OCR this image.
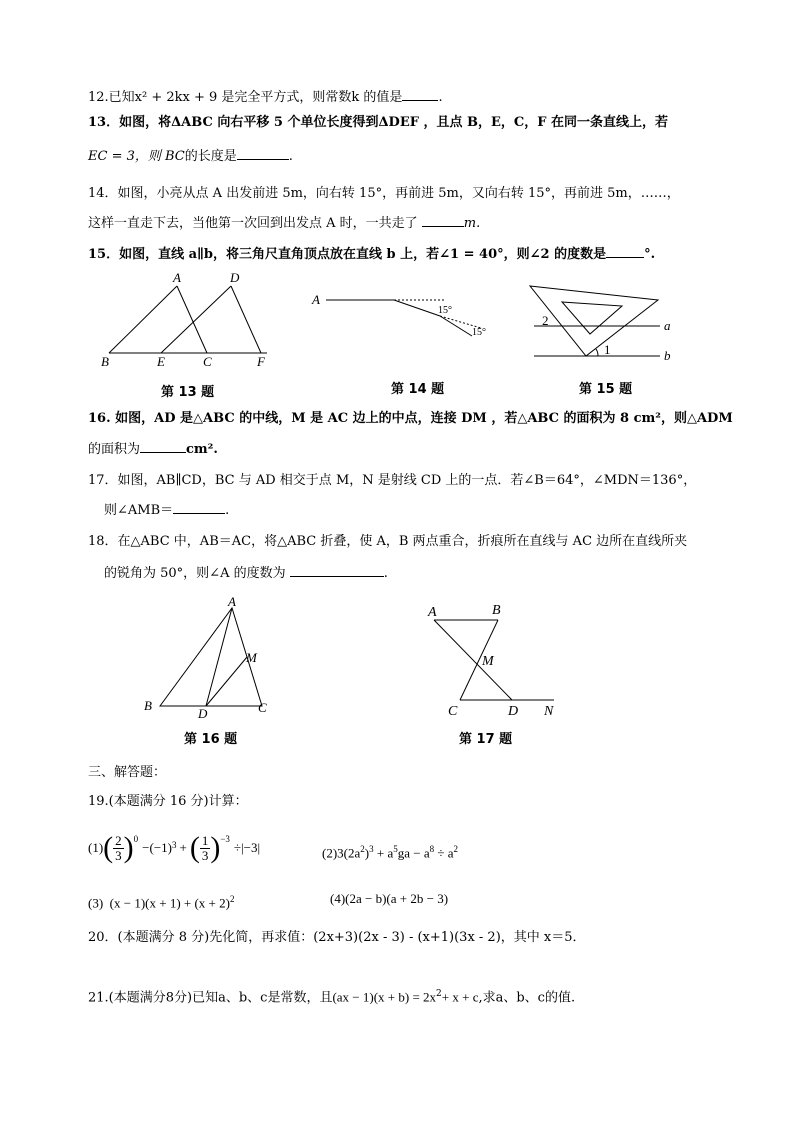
12.已知x² + 2kx + 9 是完全平方式，则常数k 的值是	.
13．如图，将ΔABC 向右平移 5 个单位长度得到ΔDEF ，且点 B，E，C，F 在同一条直线上，若
EC = 3，则 BC的长度是	.
14．如图，小亮从点 A 出发前进 5m，向右转 15°，再前进 5m，又向右转 15°，再前进 5m，……，
这样一直走下去，当他第一次回到出发点 A 时，一共走了	m.
15．如图，直线 a∥b，将三角尺直角顶点放在直线 b 上，若∠1 = 40°，则∠2 的度数是	°.
A	D
B	E	C	F
第 13 题
A
15°
15°
第 14 题
2	a
1	b
第 15 题
16. 如图，AD 是△ABC 的中线，M 是 AC 边上的中点，连接 DM ，若△ABC 的面积为 8 cm²，则△ADM
的面积为	cm².
17．如图，AB∥CD，BC 与 AD 相交于点 M，N 是射线 CD 上的一点．若∠B＝64°，∠MDN＝136°，
则∠AMB＝	.
18．在△ABC 中，AB＝AC，将△ABC 折叠，使 A，B 两点重合，折痕所在直线与 AC 边所在直线所夹
的锐角为 50°，则∠A 的度数为	.
A
M
B
D	C
第 16 题
A	B
M
C	D N
第 17 题
三、解答题：
19.(本题满分 16 分)计算：
(1) ( $\frac{2}{3} )^0$
$-(-1)^3$ + ( $\frac{1}{3} )^{-3}$
÷|−3|	$(2)3(2a^2)^3 + a^5ga - a^8 \div a^2$
(3) $(x - 1)(x + 1) + (x + 2)^2$	(4)(2a − b)(a + 2b − 3)
20．(本题满分 8 分)先化简，再求值：(2x+3)(2x - 3) - (x+1)(3x - 2)，其中 x＝5．
21.(本题满分8分)已知a、b、c是常数，且$(ax - 1)(x + b) = 2x^2+ x + c$,求a、b、c的值.
